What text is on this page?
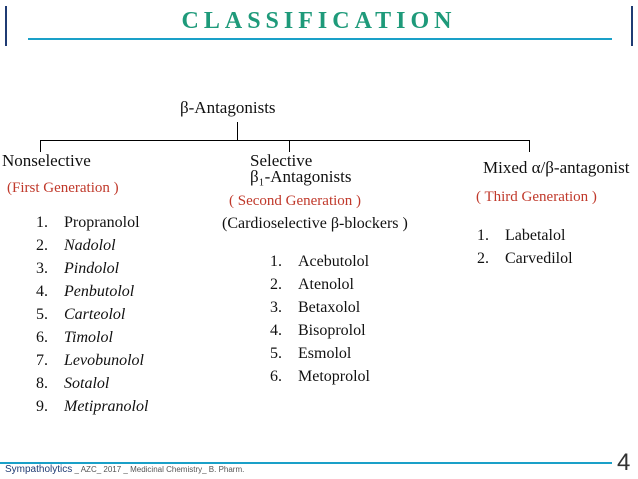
CLASSIFICATION
β-Antagonists
Nonselective
(First Generation )
1. Propranolol
2. Nadolol
3. Pindolol
4. Penbutolol
5. Carteolol
6. Timolol
7. Levobunolol
8. Sotalol
9. Metipranolol
Selective
β₁-Antagonists
( Second Generation )
(Cardioselective β-blockers )
1. Acebutolol
2. Atenolol
3. Betaxolol
4. Bisoprolol
5. Esmolol
6. Metoprolol
Mixed α/β-antagonist
( Third Generation )
1. Labetalol
2. Carvedilol
Sympatholytics _ AZC_ 2017 _ Medicinal Chemistry_ B. Pharm.	4
